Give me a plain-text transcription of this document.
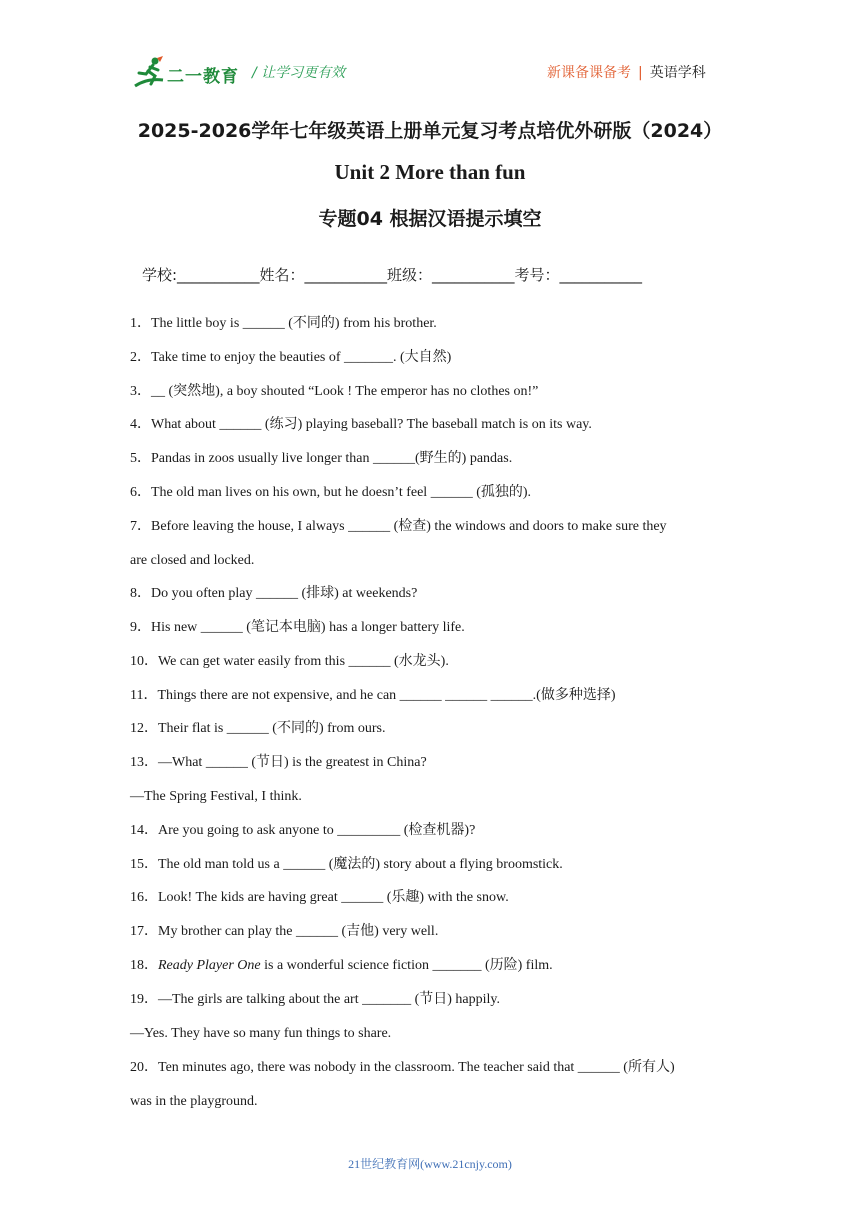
二一教育 / 让学习更有效	新课备课备考 | 英语学科
2025-2026学年七年级英语上册单元复习考点培优外研版（2024）
Unit 2 More than fun
专题04 根据汉语提示填空
学校:___________姓名：___________班级：___________考号：___________
1．The little boy is ______ (不同的) from his brother.
2．Take time to enjoy the beauties of _______. (大自然)
3．__ (突然地), a boy shouted “Look ! The emperor has no clothes on!”
4．What about ______ (练习) playing baseball? The baseball match is on its way.
5．Pandas in zoos usually live longer than ______(野生的) pandas.
6．The old man lives on his own, but he doesn’t feel ______ (孤独的).
7．Before leaving the house, I always ______ (检查) the windows and doors to make sure they
are closed and locked.
8．Do you often play ______ (排球) at weekends?
9．His new ______ (笔记本电脑) has a longer battery life.
10．We can get water easily from this ______ (水龙头).
11．Things there are not expensive, and he can ______ ______ ______.(做多种选择)
12．Their flat is ______ (不同的) from ours.
13．—What ______ (节日) is the greatest in China?
—The Spring Festival, I think.
14．Are you going to ask anyone to _________ (检查机器)?
15．The old man told us a ______ (魔法的) story about a flying broomstick.
16．Look! The kids are having great ______ (乐趣) with the snow.
17．My brother can play the ______ (吉他) very well.
18．Ready Player One is a wonderful science fiction _______ (历险) film.
19．—The girls are talking about the art _______ (节日) happily.
—Yes. They have so many fun things to share.
20．Ten minutes ago, there was nobody in the classroom. The teacher said that ______ (所有人)
was in the playground.
21世纪教育网(www.21cnjy.com)
